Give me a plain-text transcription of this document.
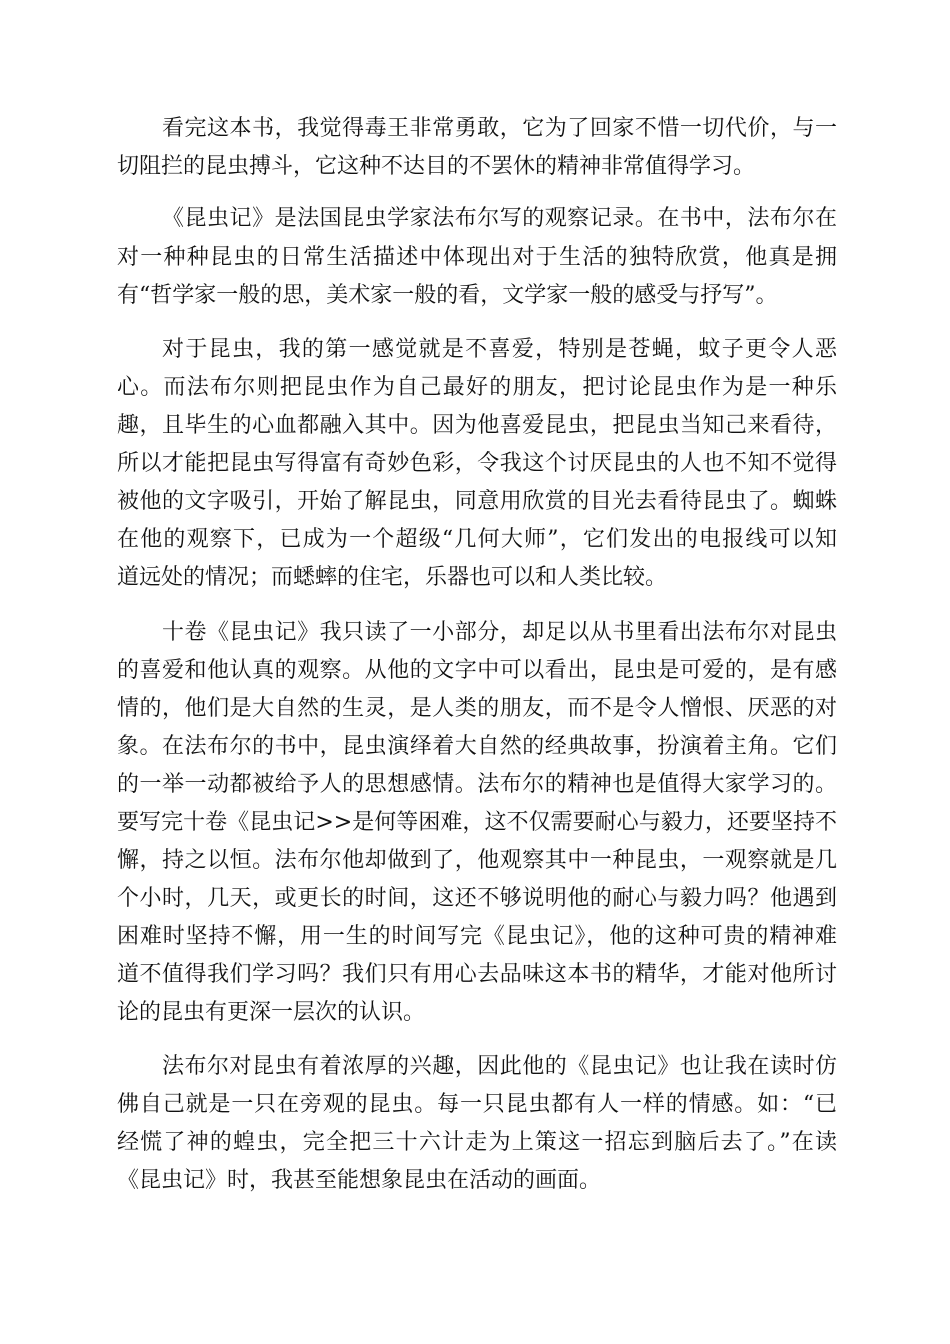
看完这本书，我觉得毒王非常勇敢，它为了回家不惜一切代价，与一
切阻拦的昆虫搏斗，它这种不达目的不罢休的精神非常值得学习。
《昆虫记》是法国昆虫学家法布尔写的观察记录。在书中，法布尔在
对一种种昆虫的日常生活描述中体现出对于生活的独特欣赏，他真是拥
有“哲学家一般的思，美术家一般的看，文学家一般的感受与抒写”。
对于昆虫，我的第一感觉就是不喜爱，特别是苍蝇，蚊子更令人恶
心。而法布尔则把昆虫作为自己最好的朋友，把讨论昆虫作为是一种乐
趣，且毕生的心血都融入其中。因为他喜爱昆虫，把昆虫当知己来看待，
所以才能把昆虫写得富有奇妙色彩，令我这个讨厌昆虫的人也不知不觉得
被他的文字吸引，开始了解昆虫，同意用欣赏的目光去看待昆虫了。蜘蛛
在他的观察下，已成为一个超级“几何大师”，它们发出的电报线可以知
道远处的情况；而蟋蟀的住宅，乐器也可以和人类比较。
十卷《昆虫记》我只读了一小部分，却足以从书里看出法布尔对昆虫
的喜爱和他认真的观察。从他的文字中可以看出，昆虫是可爱的，是有感
情的，他们是大自然的生灵，是人类的朋友，而不是令人憎恨、厌恶的对
象。在法布尔的书中，昆虫演绎着大自然的经典故事，扮演着主角。它们
的一举一动都被给予人的思想感情。法布尔的精神也是值得大家学习的。
要写完十卷《昆虫记>>是何等困难，这不仅需要耐心与毅力，还要坚持不
懈，持之以恒。法布尔他却做到了，他观察其中一种昆虫，一观察就是几
个小时，几天，或更长的时间，这还不够说明他的耐心与毅力吗？他遇到
困难时坚持不懈，用一生的时间写完《昆虫记》，他的这种可贵的精神难
道不值得我们学习吗？我们只有用心去品味这本书的精华，才能对他所讨
论的昆虫有更深一层次的认识。
法布尔对昆虫有着浓厚的兴趣，因此他的《昆虫记》也让我在读时仿
佛自己就是一只在旁观的昆虫。每一只昆虫都有人一样的情感。如：“已
经慌了神的蝗虫，完全把三十六计走为上策这一招忘到脑后去了。”在读
《昆虫记》时，我甚至能想象昆虫在活动的画面。
